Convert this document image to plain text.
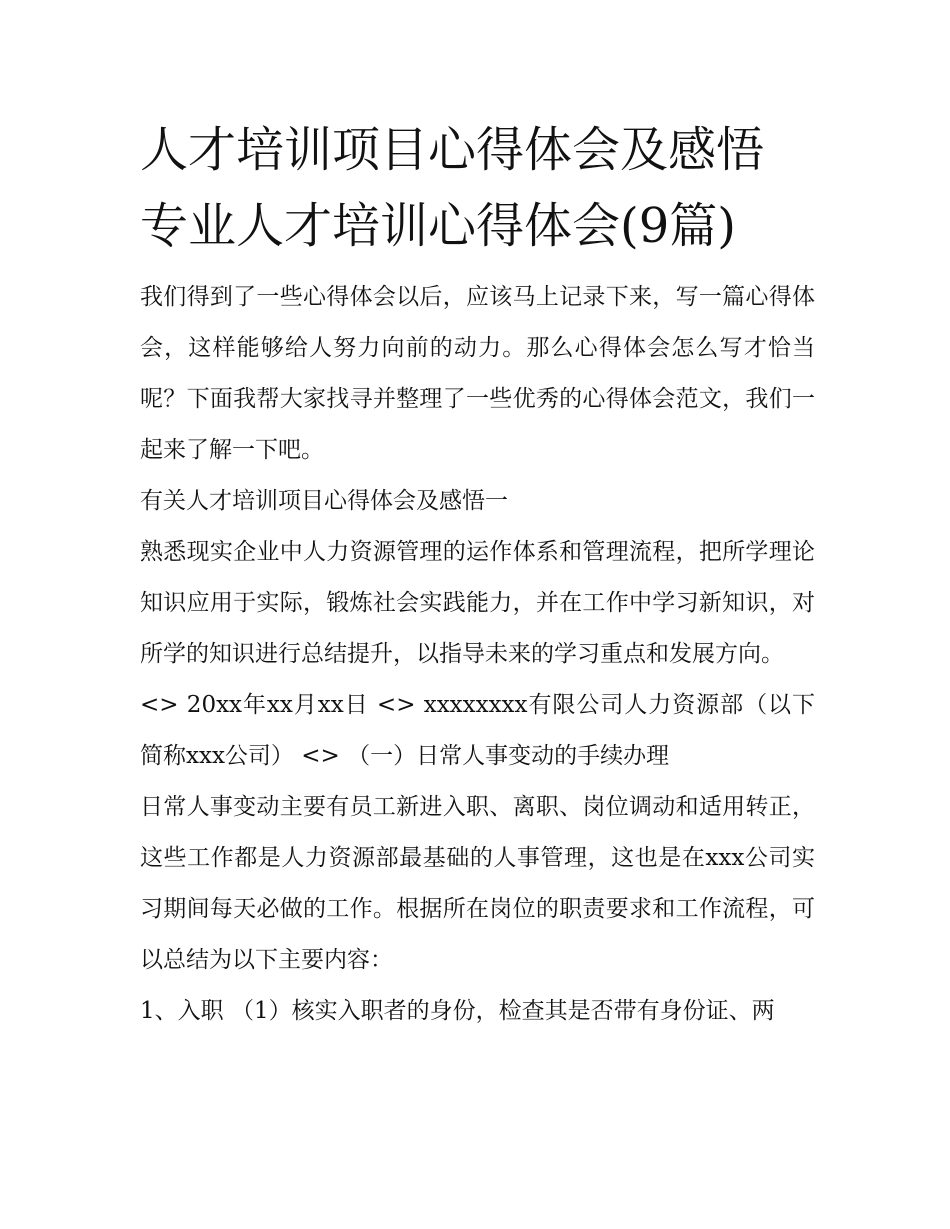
人才培训项目心得体会及感悟
专业人才培训心得体会(9篇)

我们得到了一些心得体会以后，应该马上记录下来，写一篇心得体会，这样能够给人努力向前的动力。那么心得体会怎么写才恰当呢？下面我帮大家找寻并整理了一些优秀的心得体会范文，我们一起来了解一下吧。

有关人才培训项目心得体会及感悟一

熟悉现实企业中人力资源管理的运作体系和管理流程，把所学理论知识应用于实际，锻炼社会实践能力，并在工作中学习新知识，对所学的知识进行总结提升，以指导未来的学习重点和发展方向。

<> 20xx年xx月xx日 <> xxxxxxxx有限公司人力资源部（以下简称xxx公司） <> （一）日常人事变动的手续办理

日常人事变动主要有员工新进入职、离职、岗位调动和适用转正，这些工作都是人力资源部最基础的人事管理，这也是在xxx公司实习期间每天必做的工作。根据所在岗位的职责要求和工作流程，可以总结为以下主要内容：

1、入职 （1）核实入职者的身份，检查其是否带有身份证、两
